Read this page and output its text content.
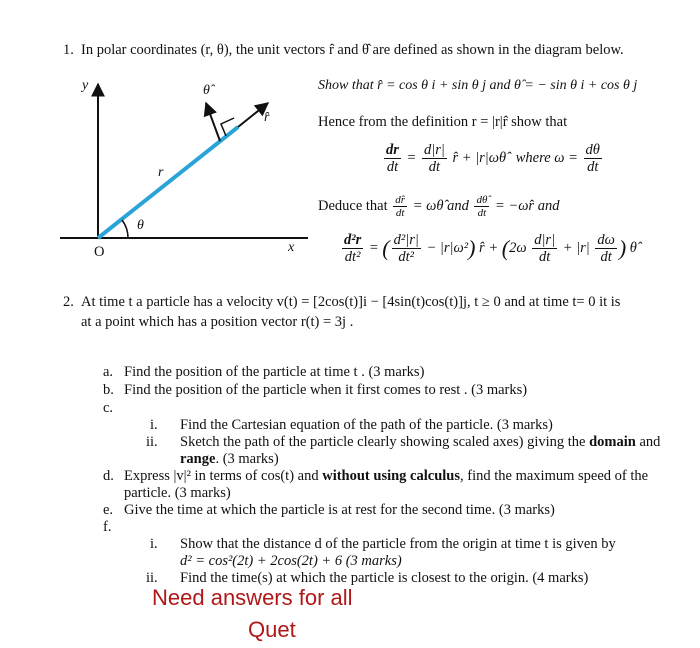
1. In polar coordinates (r, θ), the unit vectors r̂ and θ̂ are defined as shown in the diagram below.
y
x
O
r
θ
θ̂
r̂
Show that r̂ = cos θ i + sin θ j and θ̂ = − sin θ i + cos θ j
Hence from the definition r = |r|r̂ show that
$\frac{dr}{dt} = \frac{d|r|}{dt}$ r̂ + |r|ωθ̂ where $\omega = \frac{d\theta}{dt}$
Deduce that $\frac{dr̂}{dt}$ = ωθ̂ and $\frac{d\thetâ}{dt}$ = −ωr̂ and
$\frac{\text{d²r}}{\text{dt²}}$ = ( $\frac{\text{d²|r|}}{\text{dt²}} - |r|\omega^2$) r̂ + ($2\omega \frac{d|r|}{dt} + |r| \frac{d\omega}{dt}$ ) θ̂
2. At time t a particle has a velocity v(t) = [2cos(t)]i − [4sin(t)cos(t)]j, t ≥ 0 and at time t= 0 it is
at a point which has a position vector r(t) = 3j .
a. Find the position of the particle at time t . (3 marks)
b. Find the position of the particle when it first comes to rest . (3 marks)
c.
i. Find the Cartesian equation of the path of the particle. (3 marks)
ii. Sketch the path of the particle clearly showing scaled axes) giving the domain and
range. (3 marks)
d. Express |v|² in terms of cos(t) and without using calculus, find the maximum speed of the
particle. (3 marks)
e. Give the time at which the particle is at rest for the second time. (3 marks)
f.
i. Show that the distance d of the particle from the origin at time t is given by
d² = cos²(2t) + 2cos(2t) + 6 (3 marks)
ii. Find the time(s) at which the particle is closest to the origin. (4 marks)
Need answers for all
Quet
